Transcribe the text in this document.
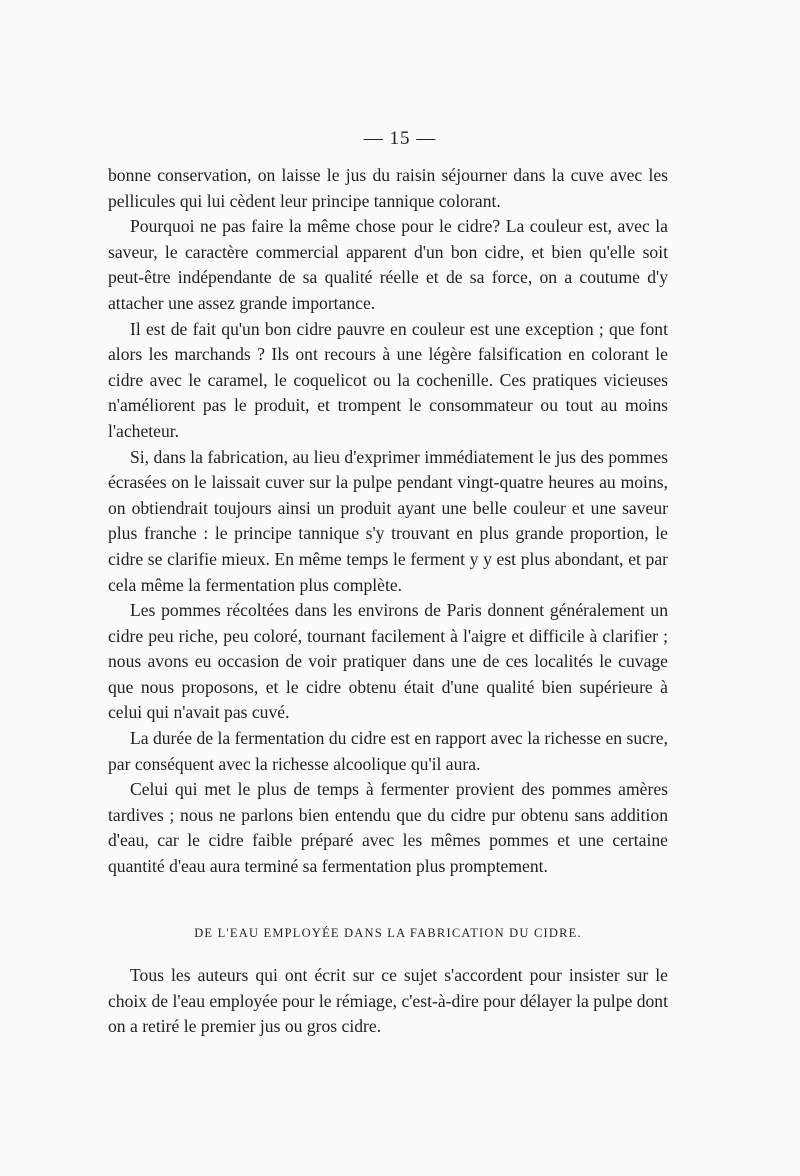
— 15 —

bonne conservation, on laisse le jus du raisin séjourner dans la cuve avec les pellicules qui lui cèdent leur principe tannique colorant.

Pourquoi ne pas faire la même chose pour le cidre? La couleur est, avec la saveur, le caractère commercial apparent d'un bon cidre, et bien qu'elle soit peut-être indépendante de sa qualité réelle et de sa force, on a coutume d'y attacher une assez grande importance.

Il est de fait qu'un bon cidre pauvre en couleur est une exception ; que font alors les marchands ? Ils ont recours à une légère falsification en colorant le cidre avec le caramel, le coquelicot ou la cochenille. Ces pratiques vicieuses n'améliorent pas le produit, et trompent le consommateur ou tout au moins l'acheteur.

Si, dans la fabrication, au lieu d'exprimer immédiatement le jus des pommes écrasées on le laissait cuver sur la pulpe pendant vingt-quatre heures au moins, on obtiendrait toujours ainsi un produit ayant une belle couleur et une saveur plus franche : le principe tannique s'y trouvant en plus grande proportion, le cidre se clarifie mieux. En même temps le ferment y y est plus abondant, et par cela même la fermentation plus complète.

Les pommes récoltées dans les environs de Paris donnent généralement un cidre peu riche, peu coloré, tournant facilement à l'aigre et difficile à clarifier ; nous avons eu occasion de voir pratiquer dans une de ces localités le cuvage que nous proposons, et le cidre obtenu était d'une qualité bien supérieure à celui qui n'avait pas cuvé.

La durée de la fermentation du cidre est en rapport avec la richesse en sucre, par conséquent avec la richesse alcoolique qu'il aura.

Celui qui met le plus de temps à fermenter provient des pommes amères tardives ; nous ne parlons bien entendu que du cidre pur obtenu sans addition d'eau, car le cidre faible préparé avec les mêmes pommes et une certaine quantité d'eau aura terminé sa fermentation plus promptement.

DE L'EAU EMPLOYÉE DANS LA FABRICATION DU CIDRE.

Tous les auteurs qui ont écrit sur ce sujet s'accordent pour insister sur le choix de l'eau employée pour le rémiage, c'est-à-dire pour délayer la pulpe dont on a retiré le premier jus ou gros cidre.
